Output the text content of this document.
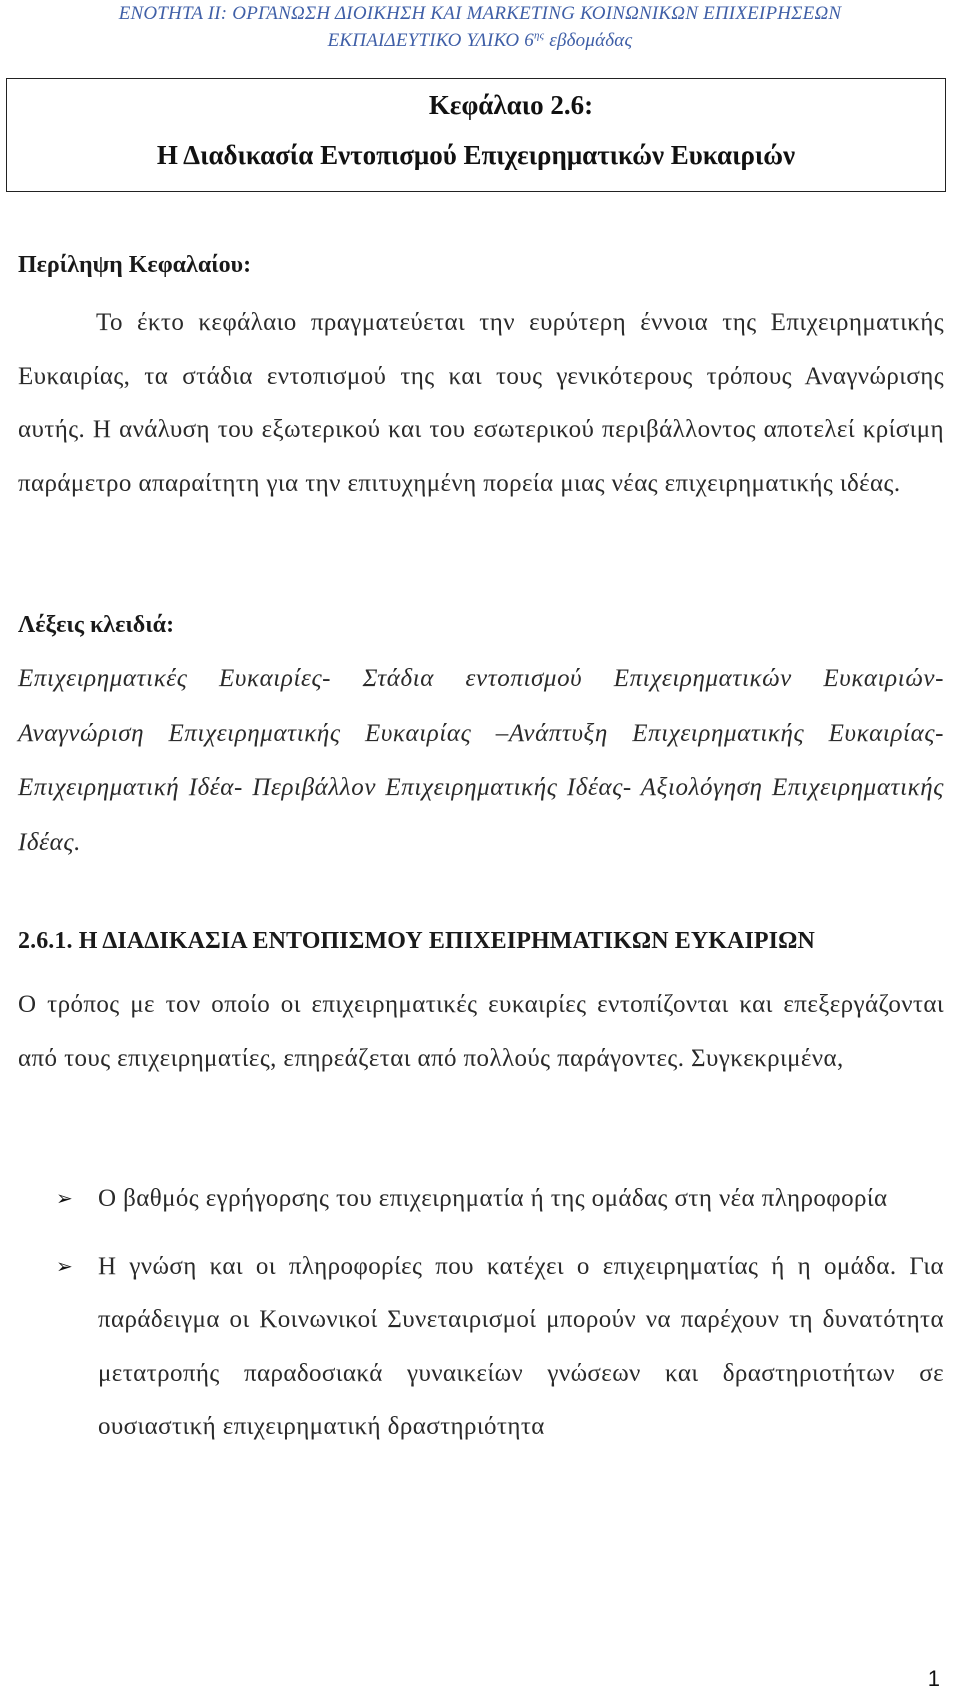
ΕΝΟΤΗΤΑ ΙΙ: ΟΡΓΑΝΩΣΗ ΔΙΟΙΚΗΣΗ ΚΑΙ MARKETING ΚΟΙΝΩΝΙΚΩΝ ΕΠΙΧΕΙΡΗΣΕΩΝ
ΕΚΠΑΙΔΕΥΤΙΚΟ ΥΛΙΚΟ $6^{\eta\varsigma}$ εβδομάδας
Κεφάλαιο 2.6:
Η Διαδικασία Εντοπισμού Επιχειρηματικών Ευκαιριών
Περίληψη Κεφαλαίου:
Το έκτο κεφάλαιο πραγματεύεται την ευρύτερη έννοια της Επιχειρηματικής Ευκαιρίας, τα στάδια εντοπισμού της και τους γενικότερους τρόπους Αναγνώρισης αυτής. Η ανάλυση του εξωτερικού και του εσωτερικού περιβάλλοντος αποτελεί κρίσιμη παράμετρο απαραίτητη για την επιτυχημένη πορεία μιας νέας επιχειρηματικής ιδέας.
Λέξεις κλειδιά:
Επιχειρηματικές Ευκαιρίες- Στάδια εντοπισμού Επιχειρηματικών Ευκαιριών- Αναγνώριση Επιχειρηματικής Ευκαιρίας –Ανάπτυξη Επιχειρηματικής Ευκαιρίας- Επιχειρηματική Ιδέα- Περιβάλλον Επιχειρηματικής Ιδέας- Αξιολόγηση Επιχειρηματικής Ιδέας.
2.6.1. Η ΔΙΑΔΙΚΑΣΙΑ ΕΝΤΟΠΙΣΜΟΥ ΕΠΙΧΕΙΡΗΜΑΤΙΚΩΝ ΕΥΚΑΙΡΙΩΝ
Ο τρόπος με τον οποίο οι επιχειρηματικές ευκαιρίες εντοπίζονται και επεξεργάζονται από τους επιχειρηματίες, επηρεάζεται από πολλούς παράγοντες. Συγκεκριμένα,
➢ Ο βαθμός εγρήγορσης του επιχειρηματία ή της ομάδας στη νέα πληροφορία
➢ Η γνώση και οι πληροφορίες που κατέχει ο επιχειρηματίας ή η ομάδα. Για παράδειγμα οι Κοινωνικοί Συνεταιρισμοί μπορούν να παρέχουν τη δυνατότητα μετατροπής παραδοσιακά γυναικείων γνώσεων και δραστηριοτήτων σε ουσιαστική επιχειρηματική δραστηριότητα
1
